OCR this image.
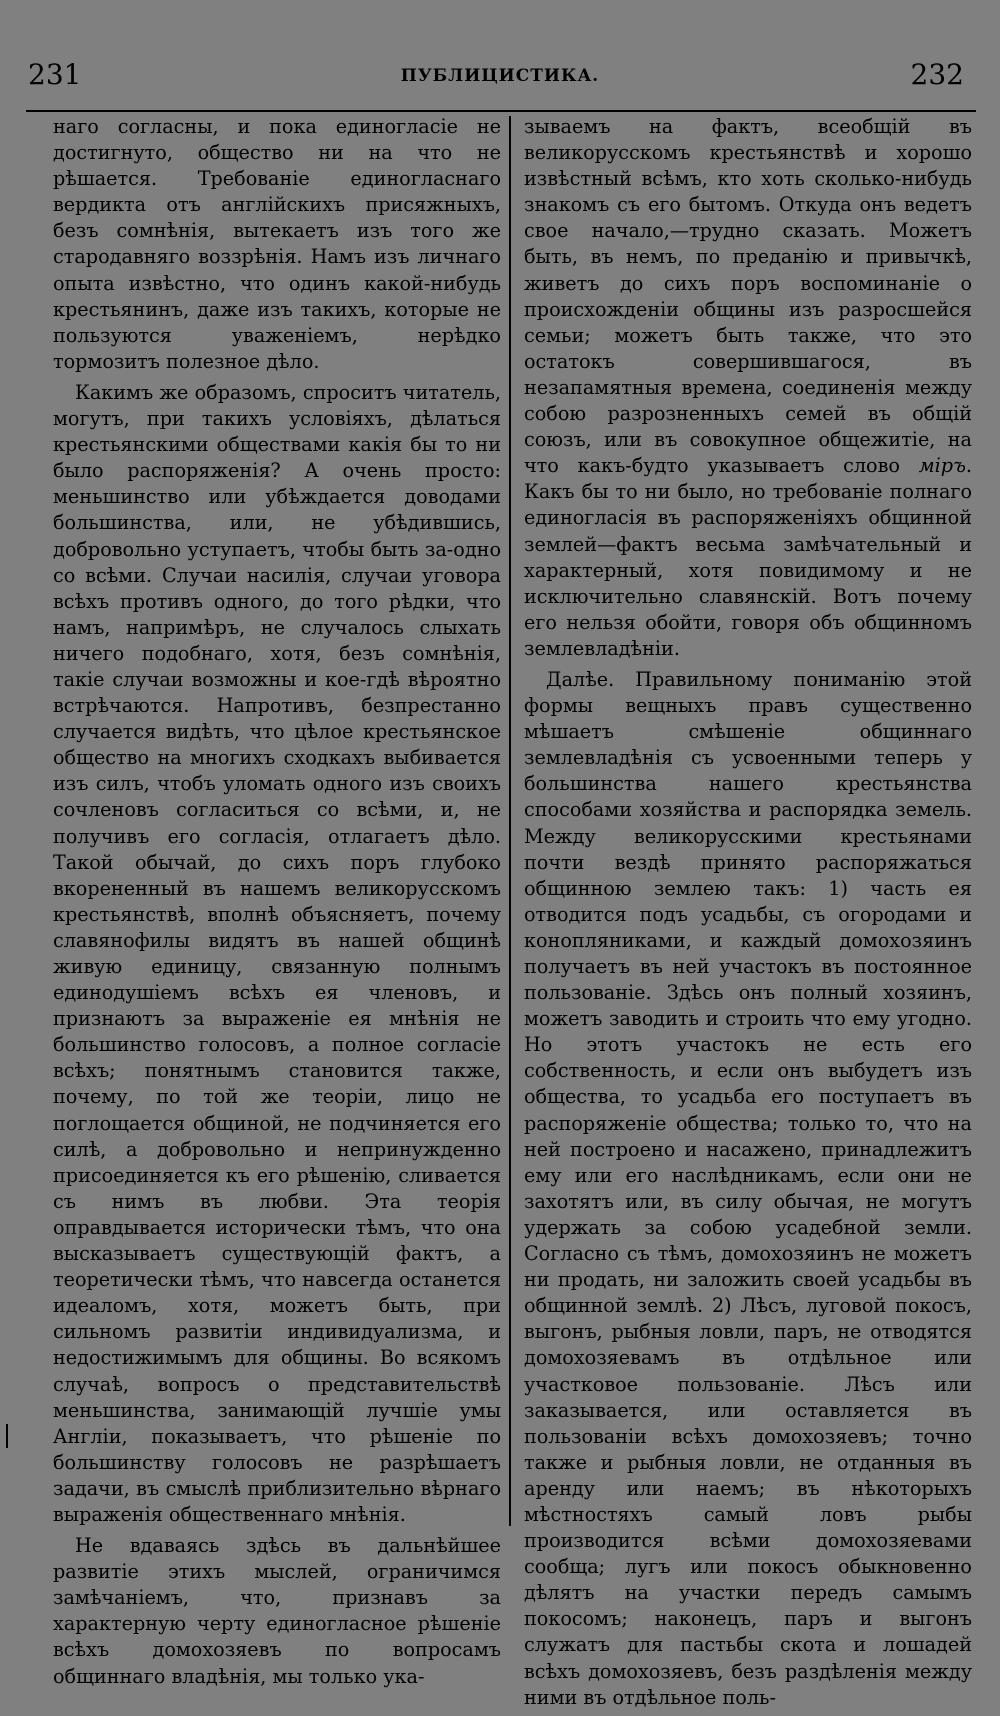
231	ПУБЛИЦИСТИКА.	232

наго согласны, и пока единогласіе не достигнуто, общество ни на что не рѣшается. Требованіе единогласнаго вердикта отъ англійскихъ присяжныхъ, безъ сомнѣнія, вытекаетъ изъ того же стародавняго воззрѣнія. Намъ изъ личнаго опыта извѣстно, что одинъ какой-нибудь крестьянинъ, даже изъ такихъ, которые не пользуются уваженіемъ, нерѣдко тормозитъ полезное дѣло.

Какимъ же образомъ, спроситъ читатель, могутъ, при такихъ условіяхъ, дѣлаться крестьянскими обществами какія бы то ни было распоряженія? А очень просто: меньшинство или убѣждается доводами большинства, или, не убѣдившись, добровольно уступаетъ, чтобы быть за-одно со всѣми. Случаи насилія, случаи уговора всѣхъ противъ одного, до того рѣдки, что намъ, напримѣръ, не случалось слыхать ничего подобнаго, хотя, безъ сомнѣнія, такіе случаи возможны и кое-гдѣ вѣроятно встрѣчаются. Напротивъ, безпрестанно случается видѣть, что цѣлое крестьянское общество на многихъ сходкахъ выбивается изъ силъ, чтобъ уломать одного изъ своихъ сочленовъ согласиться со всѣми, и, не получивъ его согласія, отлагаетъ дѣло. Такой обычай, до сихъ поръ глубоко вкорененный въ нашемъ великорусскомъ крестьянствѣ, вполнѣ объясняетъ, почему славянофилы видятъ въ нашей общинѣ живую единицу, связанную полнымъ единодушіемъ всѣхъ ея членовъ, и признаютъ за выраженіе ея мнѣнія не большинство голосовъ, а полное согласіе всѣхъ; понятнымъ становится также, почему, по той же теоріи, лицо не поглощается общиной, не подчиняется его силѣ, а добровольно и непринужденно присоединяется къ его рѣшенію, сливается съ нимъ въ любви. Эта теорія оправдывается исторически тѣмъ, что она высказываетъ существующій фактъ, а теоретически тѣмъ, что навсегда останется идеаломъ, хотя, можетъ быть, при сильномъ развитіи индивидуализма, и недостижимымъ для общины. Во всякомъ случаѣ, вопросъ о представительствѣ меньшинства, занимающій лучшіе умы Англіи, показываетъ, что рѣшеніе по большинству голосовъ не разрѣшаетъ задачи, въ смыслѣ приблизительно вѣрнаго выраженія общественнаго мнѣнія.

Не вдаваясь здѣсь въ дальнѣйшее развитіе этихъ мыслей, ограничимся замѣчаніемъ, что, признавъ за характерную черту единогласное рѣшеніе всѣхъ домохозяевъ по вопросамъ общиннаго владѣнія, мы только ука-

зываемъ на фактъ, всеобщій въ великорусскомъ крестьянствѣ и хорошо извѣстный всѣмъ, кто хоть сколько-нибудь знакомъ съ его бытомъ. Откуда онъ ведетъ свое начало,—трудно сказать. Можетъ быть, въ немъ, по преданію и привычкѣ, живетъ до сихъ поръ воспоминаніе о происхожденіи общины изъ разросшейся семьи; можетъ быть также, что это остатокъ совершившагося, въ незапамятныя времена, соединенія между собою разрозненныхъ семей въ общій союзъ, или въ совокупное общежитіе, на что какъ-будто указываетъ слово міръ. Какъ бы то ни было, но требованіе полнаго единогласія въ распоряженіяхъ общинной землей—фактъ весьма замѣчательный и характерный, хотя повидимому и не исключительно славянскій. Вотъ почему его нельзя обойти, говоря объ общинномъ землевладѣніи.

Далѣе. Правильному пониманію этой формы вещныхъ правъ существенно мѣшаетъ смѣшеніе общиннаго землевладѣнія съ усвоенными теперь у большинства нашего крестьянства способами хозяйства и распорядка земель. Между великорусскими крестьянами почти вездѣ принято распоряжаться общинною землею такъ: 1) часть ея отводится подъ усадьбы, съ огородами и конопляниками, и каждый домохозяинъ получаетъ въ ней участокъ въ постоянное пользованіе. Здѣсь онъ полный хозяинъ, можетъ заводить и строить что ему угодно. Но этотъ участокъ не есть его собственность, и если онъ выбудетъ изъ общества, то усадьба его поступаетъ въ распоряженіе общества; только то, что на ней построено и насажено, принадлежитъ ему или его наслѣдникамъ, если они не захотятъ или, въ силу обычая, не могутъ удержать за собою усадебной земли. Согласно съ тѣмъ, домохозяинъ не можетъ ни продать, ни заложить своей усадьбы въ общинной землѣ. 2) Лѣсъ, луговой покосъ, выгонъ, рыбныя ловли, паръ, не отводятся домохозяевамъ въ отдѣльное или участковое пользованіе. Лѣсъ или заказывается, или оставляется въ пользованіи всѣхъ домохозяевъ; точно также и рыбныя ловли, не отданныя въ аренду или наемъ; въ нѣкоторыхъ мѣстностяхъ самый ловъ рыбы производится всѣми домохозяевами сообща; лугъ или покосъ обыкновенно дѣлятъ на участки передъ самымъ покосомъ; наконецъ, паръ и выгонъ служатъ для пастьбы скота и лошадей всѣхъ домохозяевъ, безъ раздѣленія между ними въ отдѣльное поль-
